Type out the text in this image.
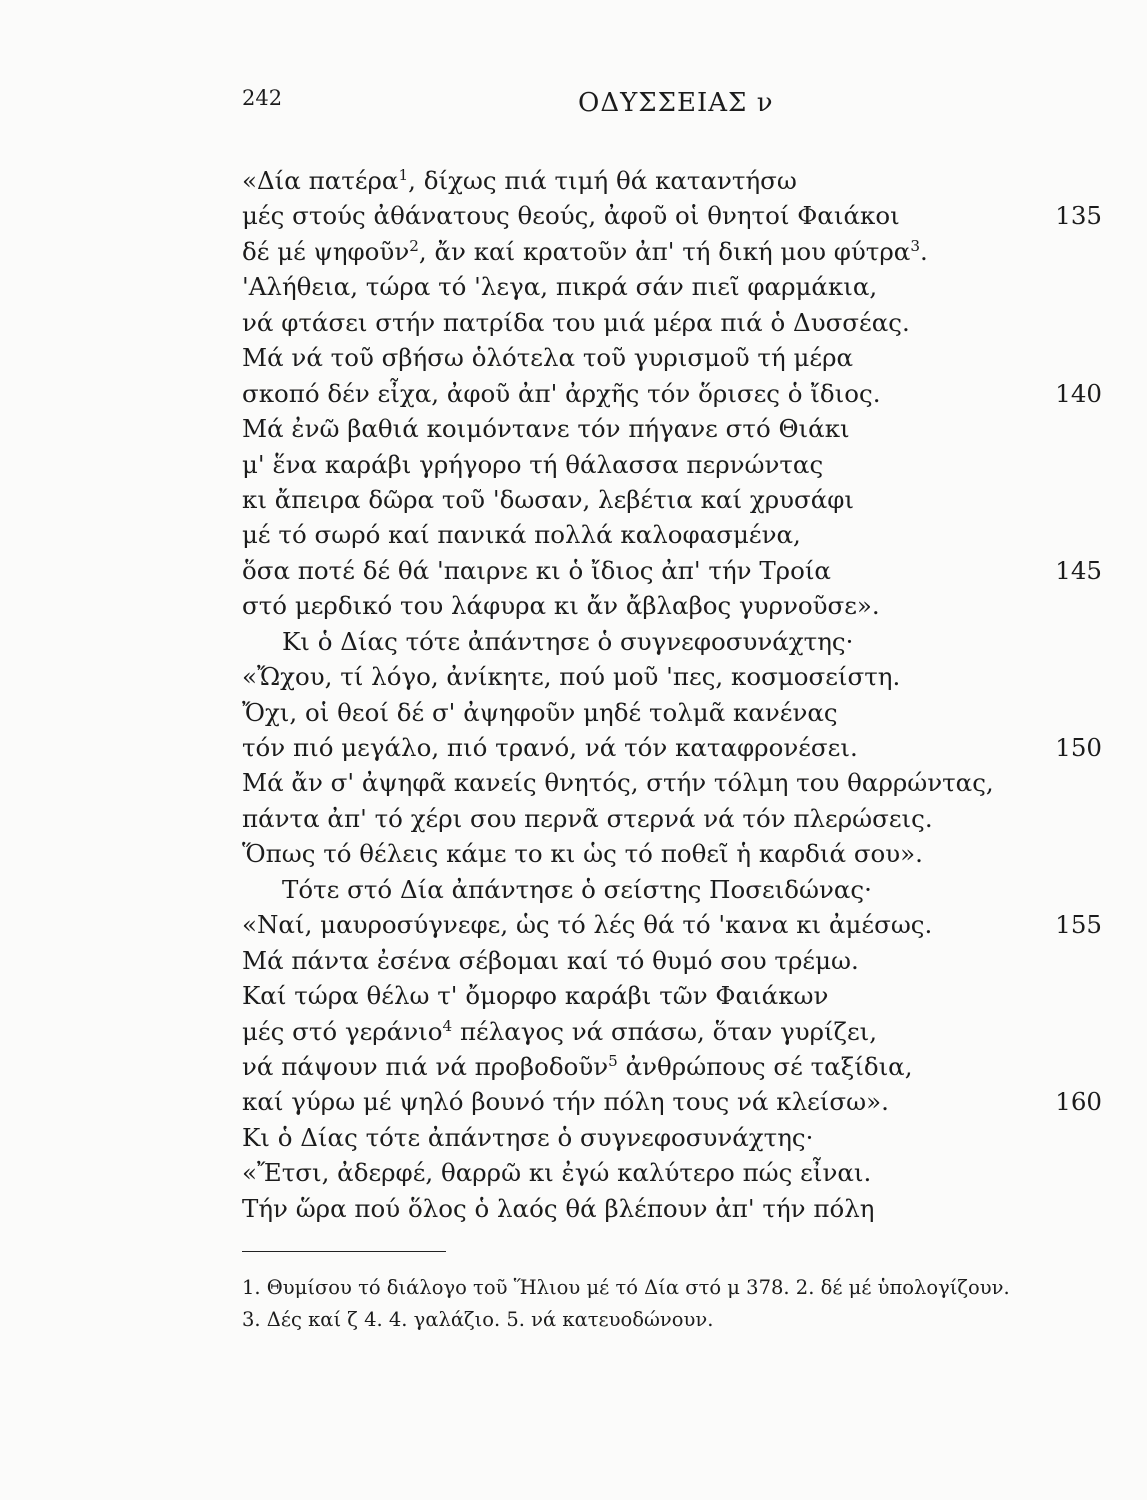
242	ΟΔΥΣΣΕΙΑΣ ν
«Δία πατέρα$^1$, δίχως πιά τιμή θά καταντήσω
μές στούς ἀθάνατους θεούς, ἀφοῦ οἱ θνητοί Φαιάκοι	135
δέ μέ ψηφοῦν$^2$, ἄν καί κρατοῦν ἀπ' τή δική μου φύτρα$^3$.
'Αλήθεια, τώρα τό 'λεγα, πικρά σάν πιεῖ φαρμάκια,
νά φτάσει στήν πατρίδα του μιά μέρα πιά ὁ Δυσσέας.
Μά νά τοῦ σβήσω ὁλότελα τοῦ γυρισμοῦ τή μέρα
σκοπό δέν εἶχα, ἀφοῦ ἀπ' ἀρχῆς τόν ὅρισες ὁ ἴδιος.	140
Μά ἐνῶ βαθιά κοιμόντανε τόν πήγανε στό Θιάκι
μ' ἕνα καράβι γρήγορο τή θάλασσα περνώντας
κι ἄπειρα δῶρα τοῦ 'δωσαν, λεβέτια καί χρυσάφι
μέ τό σωρό καί πανικά πολλά καλοφασμένα,
ὅσα ποτέ δέ θά 'παιρνε κι ὁ ἴδιος ἀπ' τήν Τροία	145
στό μερδικό του λάφυρα κι ἄν ἄβλαβος γυρνοῦσε».
Κι ὁ Δίας τότε ἀπάντησε ὁ συγνεφοσυνάχτης·
«Ὤχου, τί λόγο, ἀνίκητε, πού μοῦ 'πες, κοσμοσείστη.
Ὄχι, οἱ θεοί δέ σ' ἀψηφοῦν μηδέ τολμᾶ κανένας
τόν πιό μεγάλο, πιό τρανό, νά τόν καταφρονέσει.	150
Μά ἄν σ' ἀψηφᾶ κανείς θνητός, στήν τόλμη του θαρρώντας,
πάντα ἀπ' τό χέρι σου περνᾶ στερνά νά τόν πλερώσεις.
Ὅπως τό θέλεις κάμε το κι ὡς τό ποθεῖ ἡ καρδιά σου».
Τότε στό Δία ἀπάντησε ὁ σείστης Ποσειδώνας·
«Ναί, μαυροσύγνεφε, ὡς τό λές θά τό 'κανα κι ἀμέσως.	155
Μά πάντα ἐσένα σέβομαι καί τό θυμό σου τρέμω.
Καί τώρα θέλω τ' ὄμορφο καράβι τῶν Φαιάκων
μές στό γεράνιο$^4$ πέλαγος νά σπάσω, ὅταν γυρίζει,
νά πάψουν πιά νά προβοδοῦν$^5$ ἀνθρώπους σέ ταξίδια,
καί γύρω μέ ψηλό βουνό τήν πόλη τους νά κλείσω».	160
Κι ὁ Δίας τότε ἀπάντησε ὁ συγνεφοσυνάχτης·
«Ἔτσι, ἀδερφέ, θαρρῶ κι ἐγώ καλύτερο πώς εἶναι.
Τήν ὥρα πού ὅλος ὁ λαός θά βλέπουν ἀπ' τήν πόλη
1. Θυμίσου τό διάλογο τοῦ Ἥλιου μέ τό Δία στό μ 378. 2. δέ μέ ὑπολογίζουν.
3. Δές καί ζ 4. 4. γαλάζιο. 5. νά κατευοδώνουν.
